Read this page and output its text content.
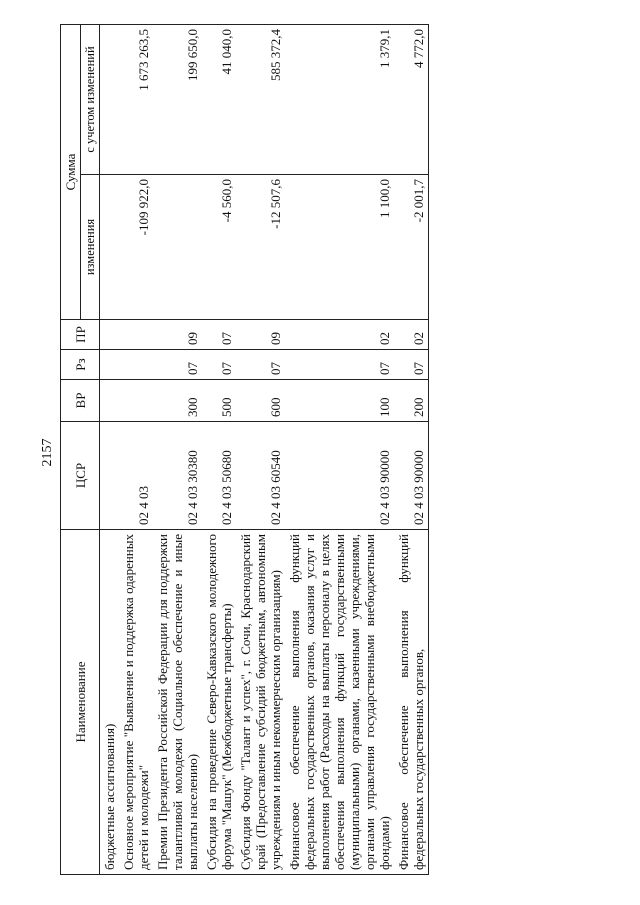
2157
Наименование	ЦСР	ВР	Рз	ПР	Сумма	
					изменения	с учетом изменений
бюджетные ассигнования)						
Основное мероприятие "Выявление и поддержка одаренных детей и молодежи"	02 4 03				-109 922,0	1 673 263,5
Премии Президента Российской Федерации для поддержки талантливой молодежи (Социальное обеспечение и иные выплаты населению)	02 4 03 30380	300	07	09		199 650,0
Субсидия на проведение Северо-Кавказского молодежного форума "Машук" (Межбюджетные трансферты)	02 4 03 50680	500	07	07	-4 560,0	41 040,0
Субсидия Фонду "Талант и успех", г. Сочи, Краснодарский край (Предоставление субсидий бюджетным, автономным учреждениям и иным некоммерческим организациям)	02 4 03 60540	600	07	09	-12 507,6	585 372,4
Финансовое обеспечение выполнения функций федеральных государственных органов, оказания услуг и выполнения работ (Расходы на выплаты персоналу в целях обеспечения выполнения функций государственными (муниципальными) органами, казенными учреждениями, органами управления государственными внебюджетными фондами)	02 4 03 90000	100	07	02	1 100,0	1 379,1
Финансовое обеспечение выполнения функций федеральных государственных органов,	02 4 03 90000	200	07	02	-2 001,7	4 772,0
